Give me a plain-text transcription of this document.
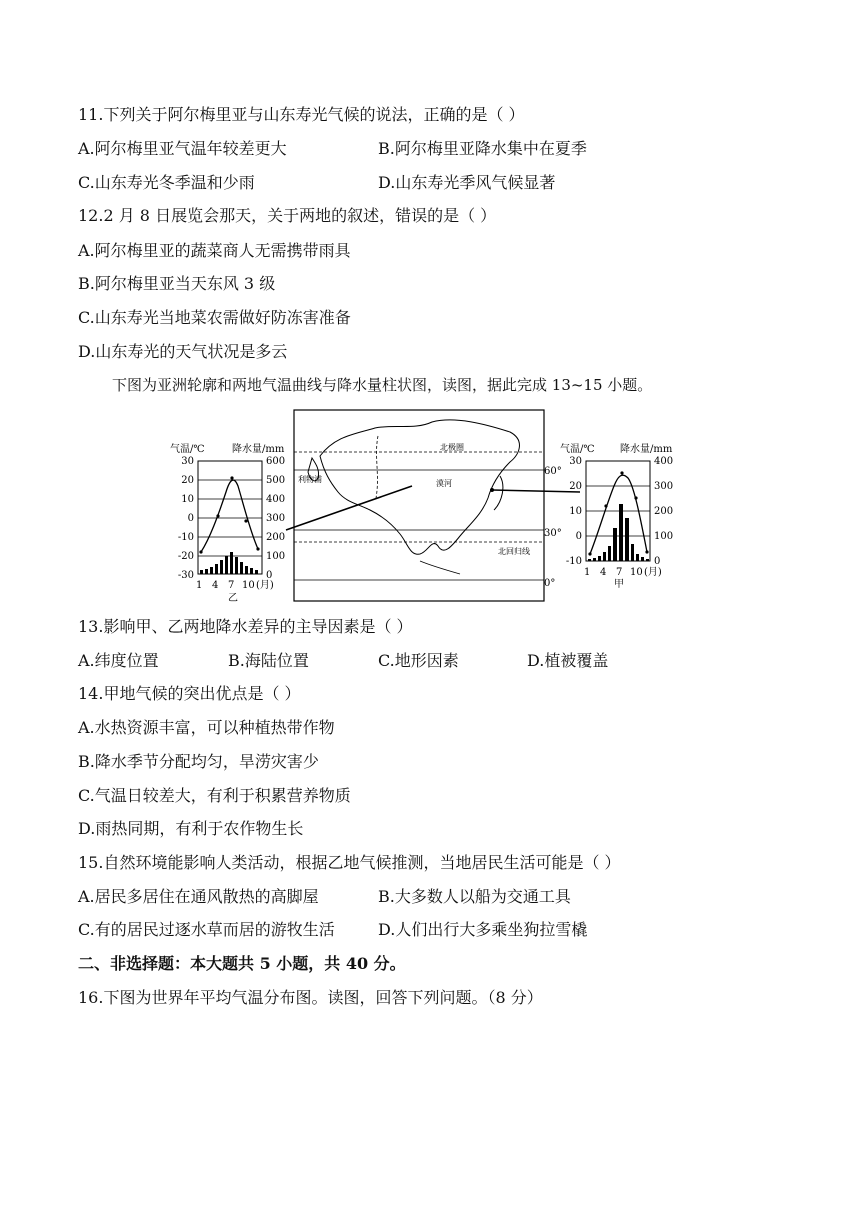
11.下列关于阿尔梅里亚与山东寿光气候的说法，正确的是（ ）
A.阿尔梅里亚气温年较差更大	B.阿尔梅里亚降水集中在夏季
C.山东寿光冬季温和少雨	D.山东寿光季风气候显著
12.2 月 8 日展览会那天，关于两地的叙述，错误的是（ ）
A.阿尔梅里亚的蔬菜商人无需携带雨具
B.阿尔梅里亚当天东风 3 级
C.山东寿光当地菜农需做好防冻害准备
D.山东寿光的天气状况是多云
下图为亚洲轮廓和两地气温曲线与降水量柱状图，读图，据此完成 13~15 小题。
气温/℃	降水量/mm
30
20
10
0
-10
-20
-30
600
500
400
300
200
100
0
1 4 7 10 (月)
乙
北极圈
北回归线
60°
30°
0°
利物浦	漠河
气温/℃	降水量/mm
30
20
10
0
-10
400
300
200
100
0
1 4 7 10 (月)
甲
13.影响甲、乙两地降水差异的主导因素是（ ）
A.纬度位置	B.海陆位置	C.地形因素	D.植被覆盖
14.甲地气候的突出优点是（ ）
A.水热资源丰富，可以种植热带作物
B.降水季节分配均匀，旱涝灾害少
C.气温日较差大，有利于积累营养物质
D.雨热同期，有利于农作物生长
15.自然环境能影响人类活动，根据乙地气候推测，当地居民生活可能是（ ）
A.居民多居住在通风散热的高脚屋	B.大多数人以船为交通工具
C.有的居民过逐水草而居的游牧生活	D.人们出行大多乘坐狗拉雪橇
二、非选择题：本大题共 5 小题，共 40 分。
16.下图为世界年平均气温分布图。读图，回答下列问题。（8 分）
